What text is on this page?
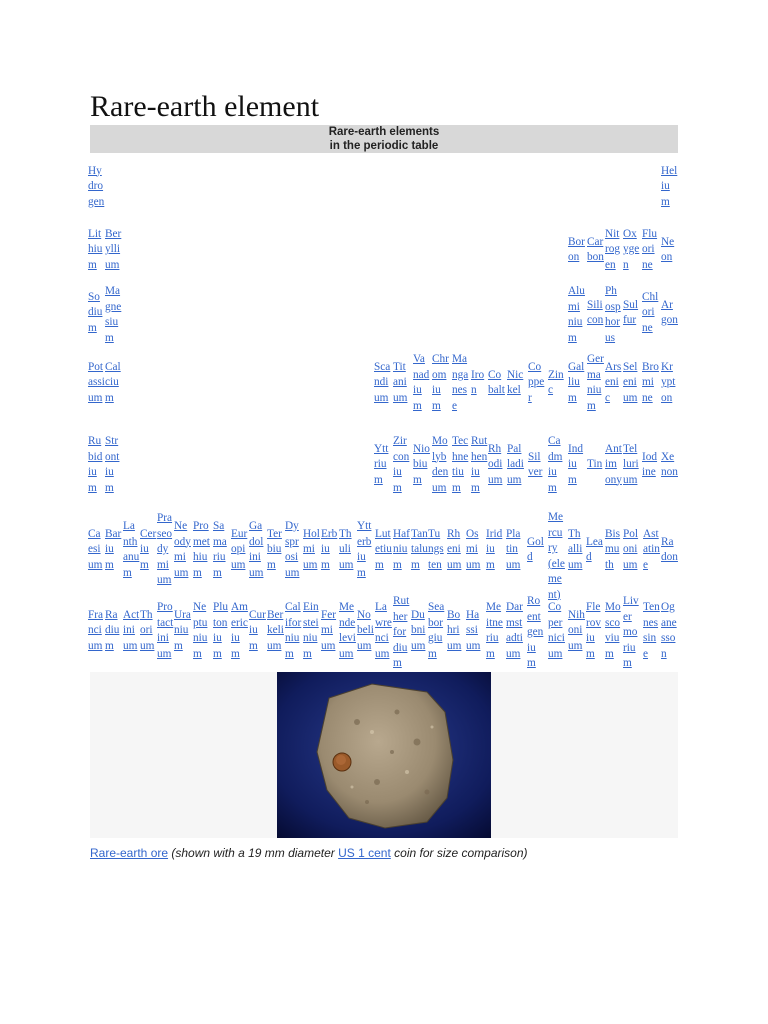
Rare-earth element
Rare-earth elements
in the periodic table
Rare-earth ore (shown with a 19 mm diameter US 1 cent coin for size comparison)
Hydrogen
Helium
Lithium
Beryllium
Boron
Carbon
Nitrogen
Oxygen
Fluorine
Neon
Sodium
Magnesium
Aluminium
Silicon
Phosphorus
Sulfur
Chlorine
Argon
Potassium
Calcium
Scandium
Titanium
Vanadium
Chromium
Manganese
Iron
Cobalt
Nickel
Copper
Zinc
Gallium
Germanium
Arsenic
Selenium
Bromine
Krypton
Rubidium
Strontium
Yttrium
Zirconium
Niobium
Molybdenum
Technetium
Ruthenium
Rhodium
Palladium
Silver
Cadmium
Indium
Tin
Antimony
Tellurium
Iodine
Xenon
Caesium
Barium
Lanthanum
Cerium
Praseodymium
Neodymium
Promethium
Samarium
Europium
Gadolinium
Terbium
Dysprosium
Holmium
Erbium
Thulium
Ytterbium
Lutetium
Hafnium
Tantalum
Tungsten
Rhenium
Osmium
Iridium
Platinum
Gold
Mercury (element)
Thallium
Lead
Bismuth
Polonium
Astatine
Radon
Francium
Radium
Actinium
Thorium
Protactinium
Uranium
Neptunium
Plutonium
Americium
Curium
Berkelium
Californium
Einsteinium
Fermium
Mendelevium
Nobelium
Lawrencium
Rutherfordium
Dubnium
Seaborgium
Bohrium
Hassium
Meitnerium
Darmstadtium
Roentgenium
Copernicium
Nihonium
Flerovium
Moscovium
Livermorium
Tennessine
Oganesson
